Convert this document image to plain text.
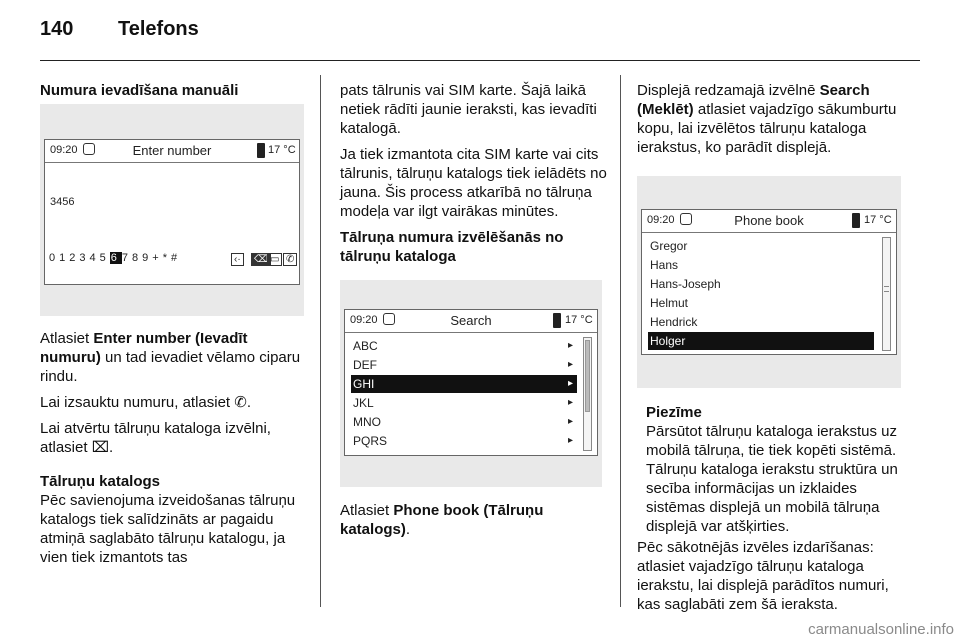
140 Telefons
Numura ievadīšana manuāli
09:20	Enter number	17 °C
3456
0123456789+*#	‹·	⌫ ▭ ✆

Atlasiet Enter number (Ievadīt numuru) un tad ievadiet vēlamo ciparu rindu.

Lai izsauktu numuru, atlasiet ✆.

Lai atvērtu tālruņu kataloga izvēlni, atlasiet ⌧.

Tālruņu katalogs

Pēc savienojuma izveidošanas tālruņu katalogs tiek salīdzināts ar pagaidu atmiņā saglabāto tālruņu katalogu, ja vien tiek izmantots tas

pats tālrunis vai SIM karte. Šajā laikā netiek rādīti jaunie ieraksti, kas ievadīti katalogā.

Ja tiek izmantota cita SIM karte vai cits tālrunis, tālruņu katalogs tiek ielādēts no jauna. Šis process atkarībā no tālruņa modeļa var ilgt vairākas minūtes.

Tālruņa numura izvēlēšanās no tālruņu kataloga

09:20	Search	17 °C
ABC	▸
DEF	▸
GHI	▸
JKL	▸
MNO	▸
PQRS	▸

Atlasiet Phone book (Tālruņu katalogs).

Displejā redzamajā izvēlnē Search (Meklēt) atlasiet vajadzīgo sākumburtu kopu, lai izvēlētos tālruņu kataloga ierakstus, ko parādīt displejā.

09:20	Phone book	17 °C
Gregor
Hans
Hans-Joseph
Helmut
Hendrick
Holger
Piezīme
Pārsūtot tālruņu kataloga ierakstus uz mobilā tālruņa, tie tiek kopēti sistēmā. Tālruņu kataloga ierakstu struktūra un secība informācijas un izklaides sistēmas displejā un mobilā tālruņa displejā var atšķirties.

Pēc sākotnējās izvēles izdarīšanas: atlasiet vajadzīgo tālruņu kataloga ierakstu, lai displejā parādītos numuri, kas saglabāti zem šā ieraksta.

carmanualsonline.info
